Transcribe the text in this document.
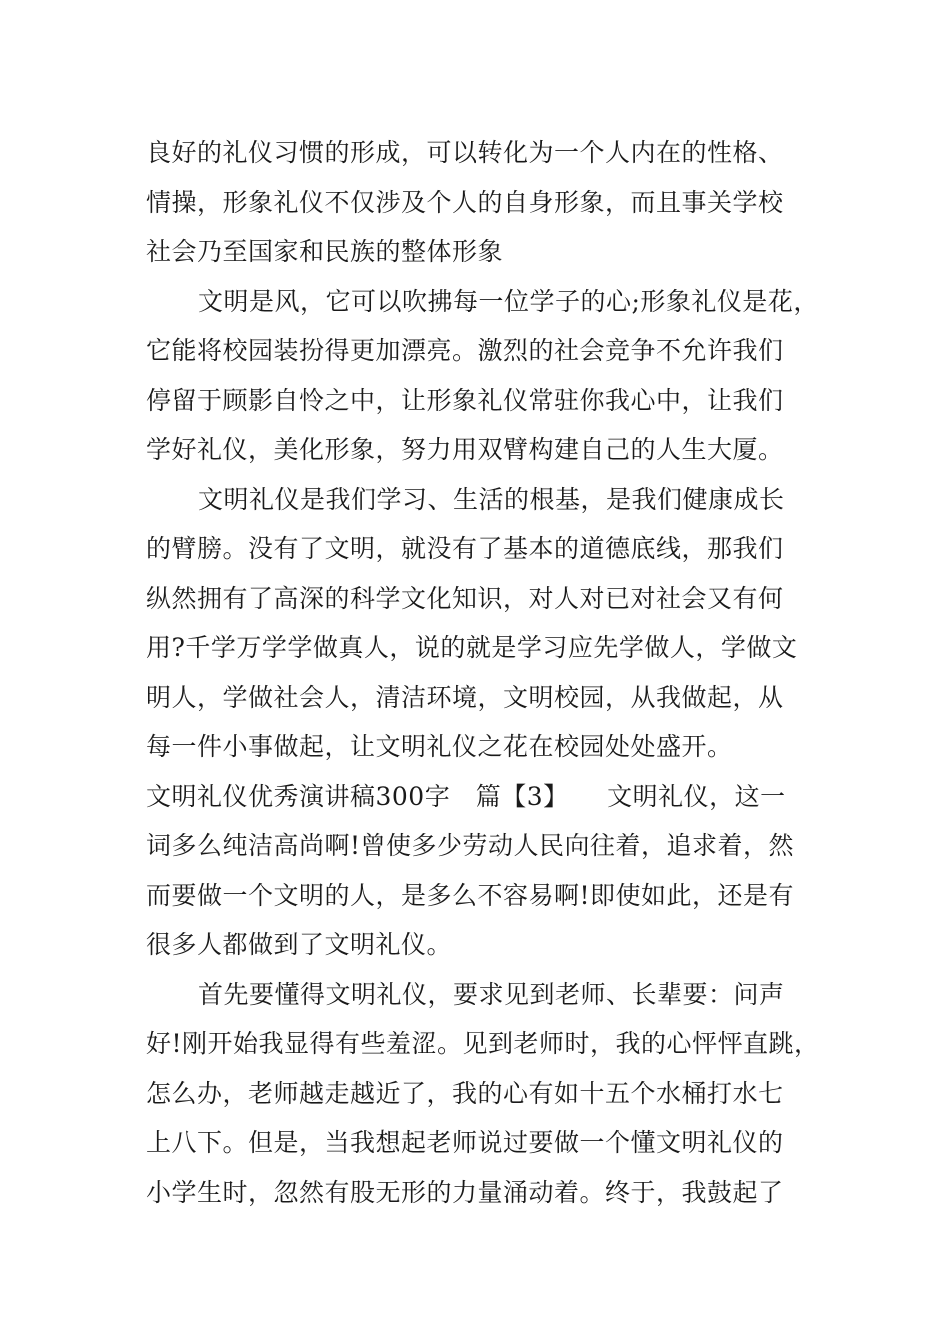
良好的礼仪习惯的形成，可以转化为一个人内在的性格、
情操，形象礼仪不仅涉及个人的自身形象，而且事关学校
社会乃至国家和民族的整体形象
文明是风，它可以吹拂每一位学子的心;形象礼仪是花，
它能将校园装扮得更加漂亮。激烈的社会竞争不允许我们
停留于顾影自怜之中，让形象礼仪常驻你我心中，让我们
学好礼仪，美化形象，努力用双臂构建自己的人生大厦。
文明礼仪是我们学习、生活的根基，是我们健康成长
的臂膀。没有了文明，就没有了基本的道德底线，那我们
纵然拥有了高深的科学文化知识，对人对已对社会又有何
用?千学万学学做真人，说的就是学习应先学做人，学做文
明人，学做社会人，清洁环境，文明校园，从我做起，从
每一件小事做起，让文明礼仪之花在校园处处盛开。
文明礼仪优秀演讲稿300字　篇【3】　　文明礼仪，这一
词多么纯洁高尚啊!曾使多少劳动人民向往着，追求着，然
而要做一个文明的人，是多么不容易啊!即使如此，还是有
很多人都做到了文明礼仪。
首先要懂得文明礼仪，要求见到老师、长辈要：问声
好!刚开始我显得有些羞涩。见到老师时，我的心怦怦直跳，
怎么办，老师越走越近了，我的心有如十五个水桶打水七
上八下。但是，当我想起老师说过要做一个懂文明礼仪的
小学生时，忽然有股无形的力量涌动着。终于，我鼓起了
